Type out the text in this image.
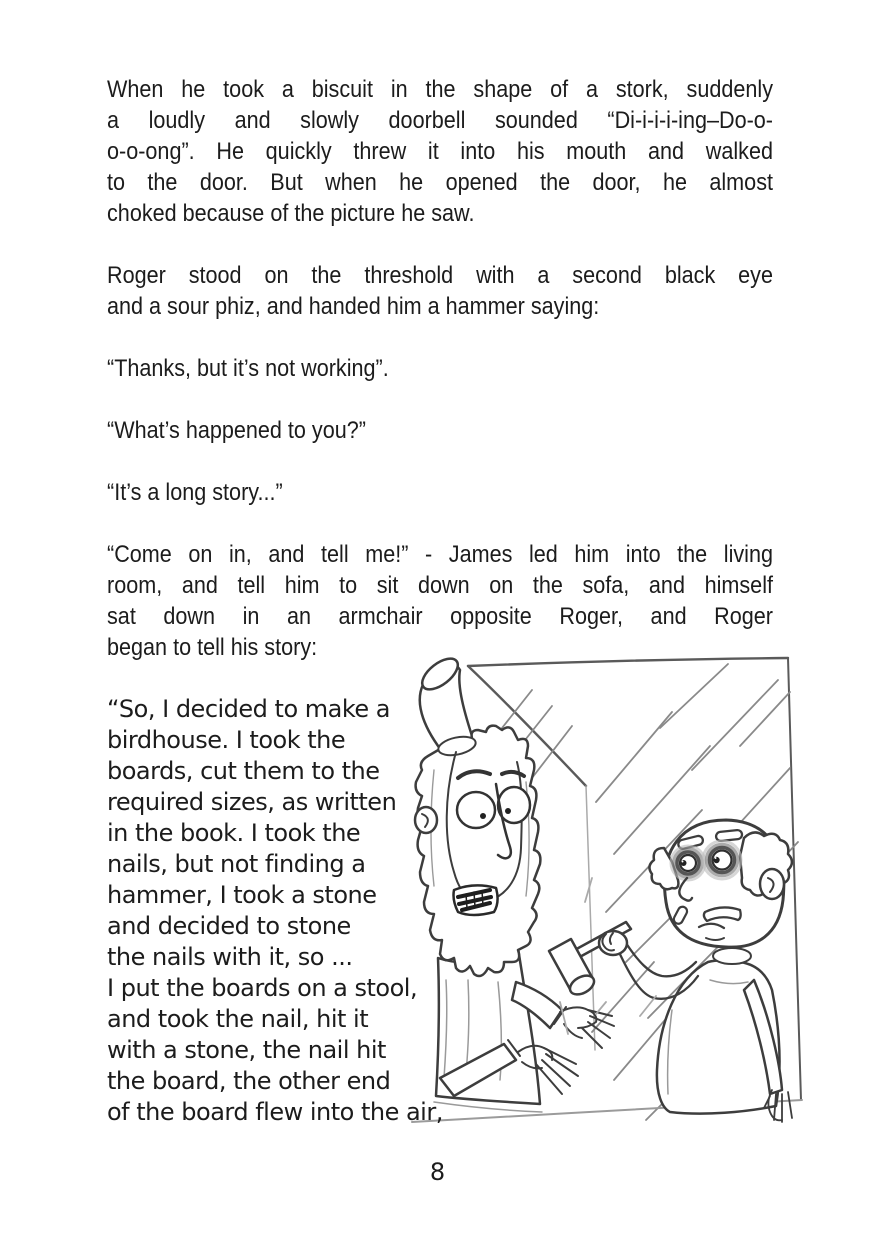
When he took a biscuit in the shape of a stork, suddenly
a loudly and slowly doorbell sounded “Di-i-i-i-ing–Do-o-
o-o-ong”. He quickly threw it into his mouth and walked
to the door. But when he opened the door, he almost
choked because of the picture he saw.
Roger stood on the threshold with a second black eye
and a sour phiz, and handed him a hammer saying:
“Thanks, but it’s not working”.
“What’s happened to you?”
“It’s a long story...”
“Come on in, and tell me!” - James led him into the living
room, and tell him to sit down on the sofa, and himself
sat down in an armchair opposite Roger, and Roger
began to tell his story:
“So, I decided to make a
birdhouse. I took the
boards, cut them to the
required sizes, as written
in the book. I took the
nails, but not finding a
hammer, I took a stone
and decided to stone
the nails with it, so ...
I put the boards on a stool,
and took the nail, hit it
with a stone, the nail hit
the board, the other end
of the board flew into the air,
8
